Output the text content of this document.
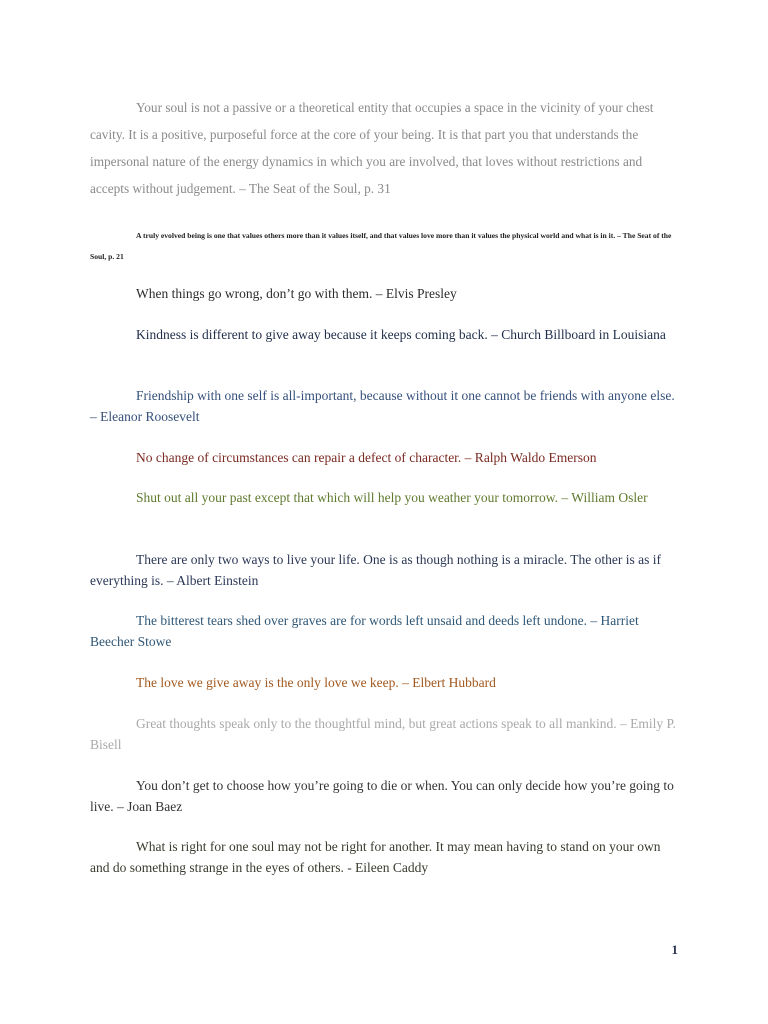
Your soul is not a passive or a theoretical entity that occupies a space in the vicinity of your chest cavity. It is a positive, purposeful force at the core of your being. It is that part you that understands the impersonal nature of the energy dynamics in which you are involved, that loves without restrictions and accepts without judgement. – The Seat of the Soul, p. 31

A truly evolved being is one that values others more than it values itself, and that values love more than it values the physical world and what is in it. – The Seat of the Soul, p. 21

When things go wrong, don’t go with them. – Elvis Presley

Kindness is different to give away because it keeps coming back. – Church Billboard in Louisiana

Friendship with one self is all-important, because without it one cannot be friends with anyone else. – Eleanor Roosevelt

No change of circumstances can repair a defect of character. – Ralph Waldo Emerson

Shut out all your past except that which will help you weather your tomorrow. – William Osler

There are only two ways to live your life. One is as though nothing is a miracle. The other is as if everything is. – Albert Einstein

The bitterest tears shed over graves are for words left unsaid and deeds left undone. – Harriet Beecher Stowe

The love we give away is the only love we keep. – Elbert Hubbard

Great thoughts speak only to the thoughtful mind, but great actions speak to all mankind. – Emily P. Bisell

You don’t get to choose how you’re going to die or when. You can only decide how you’re going to live. – Joan Baez

What is right for one soul may not be right for another. It may mean having to stand on your own and do something strange in the eyes of others. - Eileen Caddy

1
